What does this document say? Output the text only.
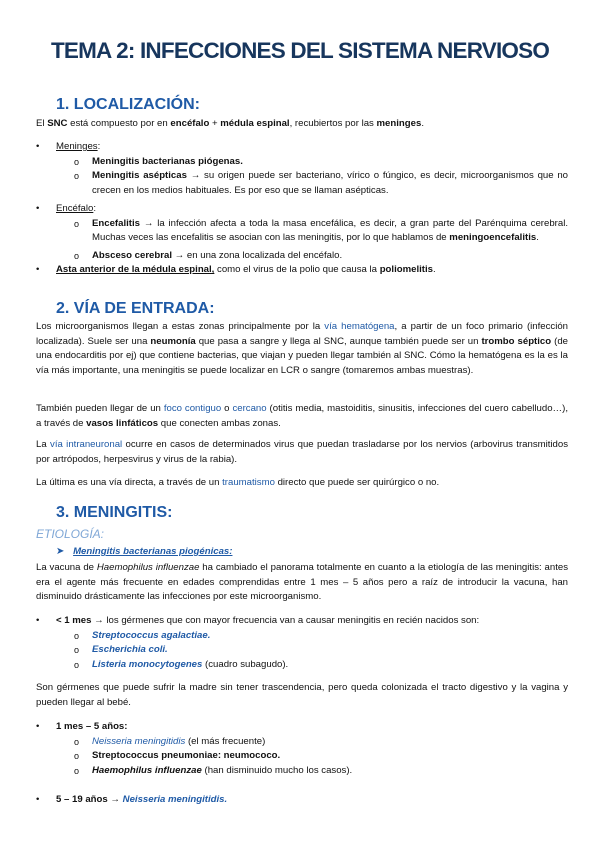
TEMA 2: INFECCIONES DEL SISTEMA NERVIOSO
1. LOCALIZACIÓN:

El SNC está compuesto por en encéfalo + médula espinal, recubiertos por las meninges.

• Meninges:
o Meningitis bacterianas piógenas.
o Meningitis asépticas → su origen puede ser bacteriano, vírico o fúngico, es decir, microorganismos que no crecen en los medios habituales. Es por eso que se llaman asépticas.
• Encéfalo:
o Encefalitis → la infección afecta a toda la masa encefálica, es decir, a gran parte del Parénquima cerebral. Muchas veces las encefalitis se asocian con las meningitis, por lo que hablamos de meningoencefalitis.
o Absceso cerebral → en una zona localizada del encéfalo.
• Asta anterior de la médula espinal, como el virus de la polio que causa la poliomelitis.
2. VÍA DE ENTRADA:

Los microorganismos llegan a estas zonas principalmente por la vía hematógena, a partir de un foco primario (infección localizada). Suele ser una neumonía que pasa a sangre y llega al SNC, aunque también puede ser un trombo séptico (de una endocarditis por ej) que contiene bacterias, que viajan y pueden llegar también al SNC. Cómo la hematógena es la es la vía más importante, una meningitis se puede localizar en LCR o sangre (tomaremos ambas muestras).

También pueden llegar de un foco contiguo o cercano (otitis media, mastoiditis, sinusitis, infecciones del cuero cabelludo…), a través de vasos linfáticos que conecten ambas zonas.

La vía intraneuronal ocurre en casos de determinados virus que puedan trasladarse por los nervios (arbovirus transmitidos por artrópodos, herpesvirus y virus de la rabia).

La última es una vía directa, a través de un traumatismo directo que puede ser quirúrgico o no.

3. MENINGITIS:
ETIOLOGÍA:
➤ Meningitis bacterianas piogénicas:

La vacuna de Haemophilus influenzae ha cambiado el panorama totalmente en cuanto a la etiología de las meningitis: antes era el agente más frecuente en edades comprendidas entre 1 mes – 5 años pero a raíz de introducir la vacuna, han disminuido drásticamente las infecciones por este microorganismo.

• < 1 mes → los gérmenes que con mayor frecuencia van a causar meningitis en recién nacidos son:
o Streptococcus agalactiae.
o Escherichia coli.
o Listeria monocytogenes (cuadro subagudo).

Son gérmenes que puede sufrir la madre sin tener trascendencia, pero queda colonizada el tracto digestivo y la vagina y pueden llegar al bebé.

• 1 mes – 5 años:
o Neisseria meningitidis (el más frecuente)
o Streptococcus pneumoniae: neumococo.
o Haemophilus influenzae (han disminuido mucho los casos).
• 5 – 19 años → Neisseria meningitidis.
